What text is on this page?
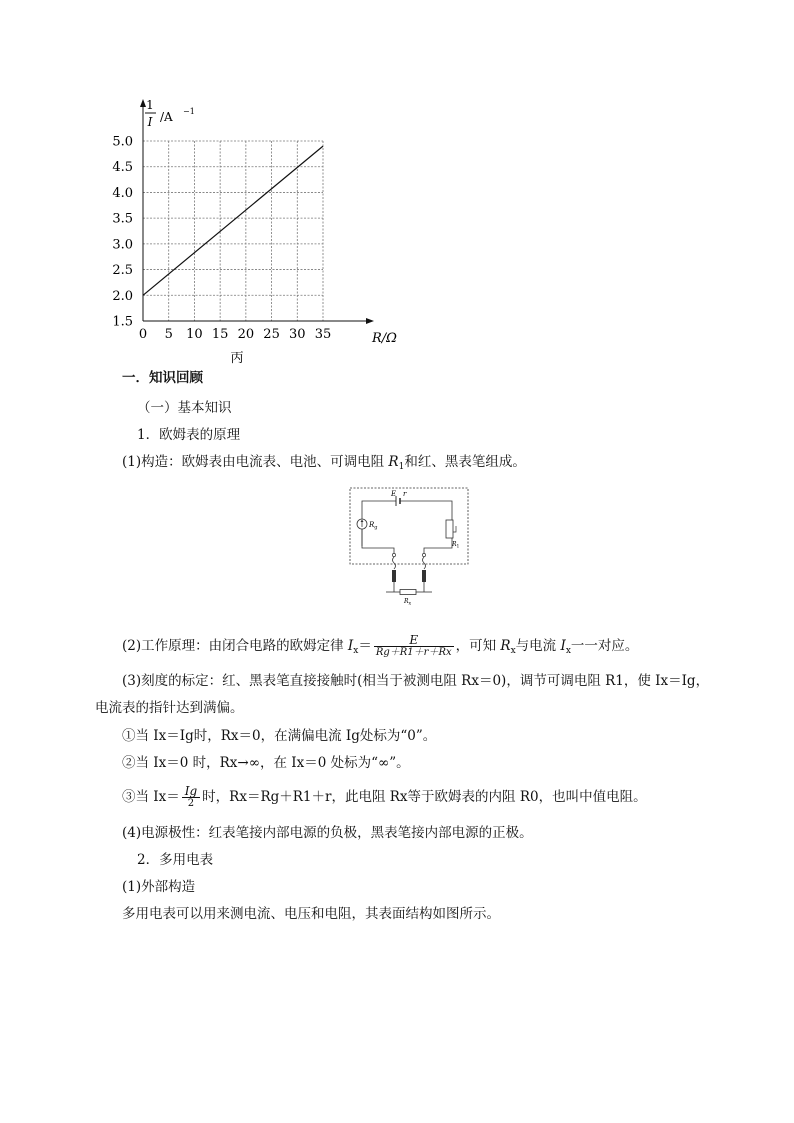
0 5 10 15 20 25 30 35
1.5
2.0
2.5
3.0
3.5
4.0
4.5
5.0
1
I /A −1
R/Ω
丙
一．知识回顾
（一）基本知识
1．欧姆表的原理
(1)构造：欧姆表由电流表、电池、可调电阻 $R_1$和红、黑表笔组成。
E r
$R_g$
$R_1$
$R_x$
(2)工作原理：由闭合电路的欧姆定律 $I_x= \frac{E}{Rg+R1+r+Rx}$ ，可知 $R_x$与电流 $I_x$一一对应。
(3)刻度的标定：红、黑表笔直接接触时(相当于被测电阻 Rx＝0)，调节可调电阻 R1，使 Ix＝Ig，
电流表的指针达到满偏。
①当 Ix＝Ig时，Rx＝0，在满偏电流 Ig处标为“0”。
②当 Ix＝0 时，Rx→∞，在 Ix＝0 处标为“∞”。
③当 $Ix= \frac{Ig}{2}$ 时，Rx＝Rg＋R1＋r，此电阻 Rx等于欧姆表的内阻 R0，也叫中值电阻。
(4)电源极性：红表笔接内部电源的负极，黑表笔接内部电源的正极。
2．多用电表
(1)外部构造
多用电表可以用来测电流、电压和电阻，其表面结构如图所示。
